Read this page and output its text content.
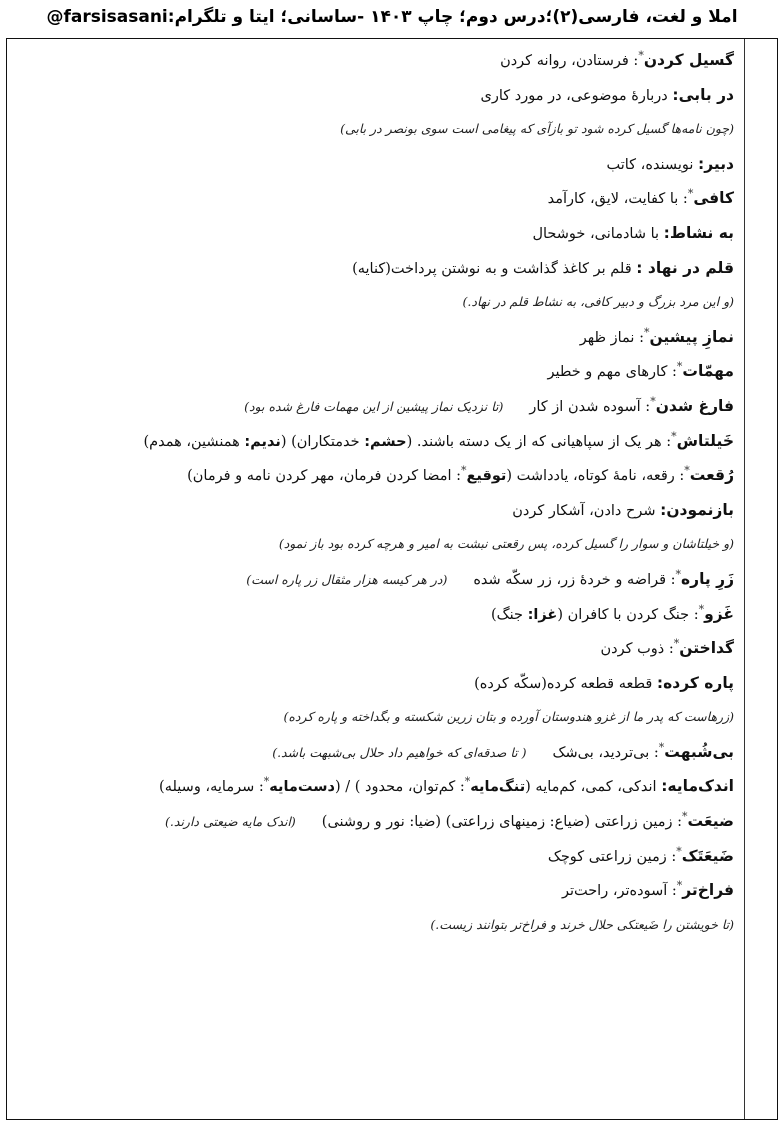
املا و لغت، فارسی(۲)؛درس دوم؛ چاپ ۱۴۰۳ -ساسانی؛ ایتا و تلگرام:farsisasani@
گسیل کردن*: فرستادن، روانه کردن
در بابی: دربارهٔ موضوعی، در مورد کاری
(چون نامه‌ها گسیل کرده شود تو بازآی که پیغامی است سوی بونصر در بابی)
دبیر: نویسنده، کاتب
کافی*: با کفایت، لایق، کارآمد
به نشاط: با شادمانی، خوشحال
قلم در نهاد : قلم بر کاغذ گذاشت و به نوشتن پرداخت(کنایه)
(و این مرد بزرگ و دبیر کافی، به نشاط قلم در نهاد.)
نمازِ پیشین*: نماز ظهر
مهمّات*: کارهای مهم و خطیر
فارغ شدن*: آسوده شدن از کار(تا نزدیک نماز پیشین از این مهمات فارغ شده بود)
خَیلتاش*: هر یک از سپاهیانی که از یک دسته باشند. (حشم: خدمتکاران) (ندیم: همنشین، همدم)
رُقعت*: رقعه، نامهٔ کوتاه، یادداشت (توقیع*: امضا کردن فرمان، مهر کردن نامه و فرمان)
بازنمودن: شرح دادن، آشکار کردن
(و خیلتاشان و سوار را گسیل کرده، پس رقعتی نبشت به امیر و هرچه کرده بود باز نمود)
زَرِ پاره*: قراضه و خردهٔ زر، زر سکّه شده(در هر کیسه هزار مثقال زر پاره است)
غَزو*: جنگ کردن با کافران (غزا: جنگ)
گداختن*: ذوب کردن
پاره کرده: قطعه قطعه کرده(سکّه کرده)
(زرهاست که پدر ما از غزو هندوستان آورده و بتان زرین شکسته و بگداخته و پاره کرده)
بی‌شُبهت*: بی‌تردید، بی‌شک( تا صدقه‌ای که خواهیم داد حلال بی‌شبهت باشد.)
اندک‌مایه: اندکی، کمی، کم‌مایه (تنگ‌مایه*: کم‌توان، محدود ) / (دست‌مایه*: سرمایه، وسیله)
ضیعَت*: زمین زراعتی (ضیاع: زمینهای زراعتی) (ضیا: نور و روشنی)(اندک مایه ضیعتی دارند.)
ضَیعَتَک*: زمین زراعتی کوچک
فراخ‌تر*: آسوده‌تر، راحت‌تر
(تا خویشتن را ضَیعتکی حلال خرند و فراخ‌تر بتوانند زیست.)
